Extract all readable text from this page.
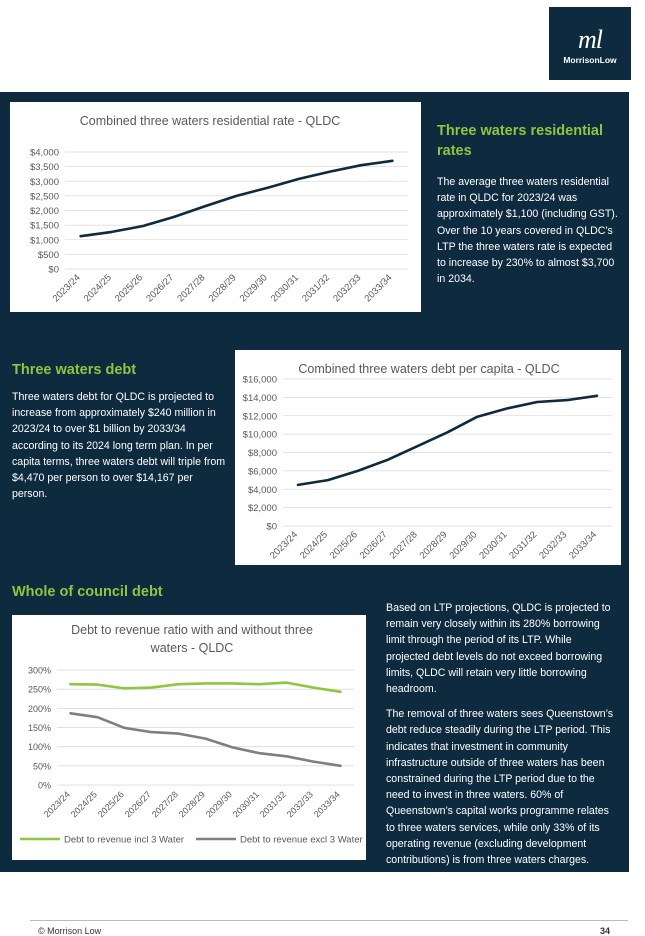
ml
MorrisonLow
Combined three waters residential rate - QLDC
$0
$500
$1,000
$1,500
$2,000
$2,500
$3,000
$3,500
$4,000
2023/24 2024/25 2025/26 2026/27 2027/28 2028/29 2029/30 2030/31 2031/32 2032/33 2033/34
Three waters residential rates

The average three waters residential rate in QLDC for 2023/24 was approximately $1,100 (including GST). Over the 10 years covered in QLDC’s LTP the three waters rate is expected to increase by 230% to almost $3,700 in 2034.

Three waters debt

Three waters debt for QLDC is projected to increase from approximately $240 million in 2023/24 to over $1 billion by 2033/34 according to its 2024 long term plan. In per capita terms, three waters debt will triple from $4,470 per person to over $14,167 per person.

Combined three waters debt per capita - QLDC
$0
$2,000
$4,000
$6,000
$8,000
$10,000
$12,000
$14,000
$16,000
2023/24
2024/25
2025/26
2026/27
2027/28
2028/29
2029/30
2030/31
2031/32
2032/33
2033/34
Whole of council debt
Debt to revenue ratio with and without three
waters - QLDC
0%
50%
100%
150%
200%
250%
300%
2023/24
2024/25
2025/26
2026/27
2027/28
2028/29
2029/30
2030/31
2031/32
2032/33
2033/34
Debt to revenue incl 3 Water	Debt to revenue excl 3 Water

Based on LTP projections, QLDC is projected to remain very closely within its 280% borrowing limit through the period of its LTP. While projected debt levels do not exceed borrowing limits, QLDC will retain very little borrowing headroom.

The removal of three waters sees Queenstown’s debt reduce steadily during the LTP period. This indicates that investment in community infrastructure outside of three waters has been constrained during the LTP period due to the need to invest in three waters. 60% of Queenstown’s capital works programme relates to three waters services, while only 33% of its operating revenue (excluding development contributions) is from three waters charges.

© Morrison Low	34
